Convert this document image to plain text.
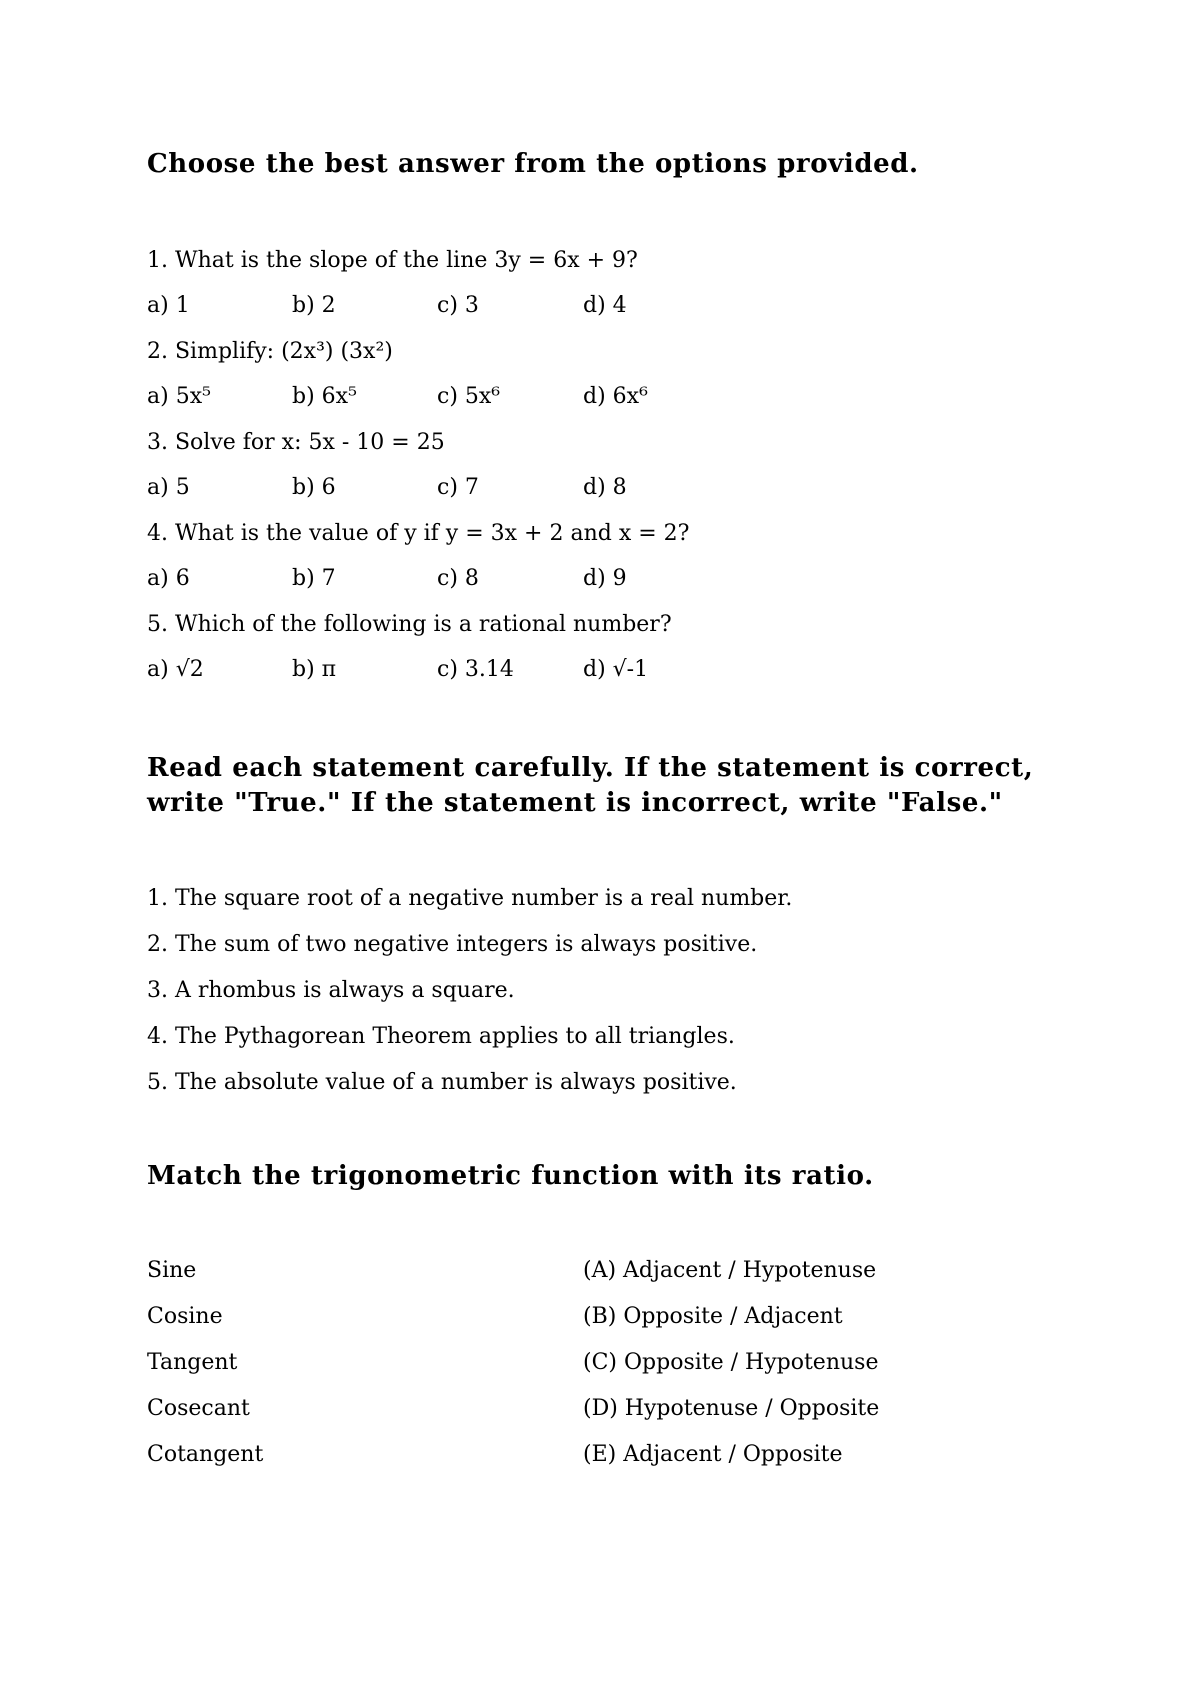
Choose the best answer from the options provided.
1. What is the slope of the line 3y = 6x + 9?
a) 1	b) 2	c) 3	d) 4
2. Simplify: (2x³) (3x²)
a) 5x⁵	b) 6x⁵	c) 5x⁶	d) 6x⁶
3. Solve for x: 5x - 10 = 25
a) 5	b) 6	c) 7	d) 8
4. What is the value of y if y = 3x + 2 and x = 2?
a) 6	b) 7	c) 8	d) 9
5. Which of the following is a rational number?
a) √2	b) π	c) 3.14	d) √-1
Read each statement carefully. If the statement is correct,
write "True." If the statement is incorrect, write "False."
1. The square root of a negative number is a real number.
2. The sum of two negative integers is always positive.
3. A rhombus is always a square.
4. The Pythagorean Theorem applies to all triangles.
5. The absolute value of a number is always positive.
Match the trigonometric function with its ratio.
Sine	(A) Adjacent / Hypotenuse
Cosine	(B) Opposite / Adjacent
Tangent	(C) Opposite / Hypotenuse
Cosecant	(D) Hypotenuse / Opposite
Cotangent	(E) Adjacent / Opposite
